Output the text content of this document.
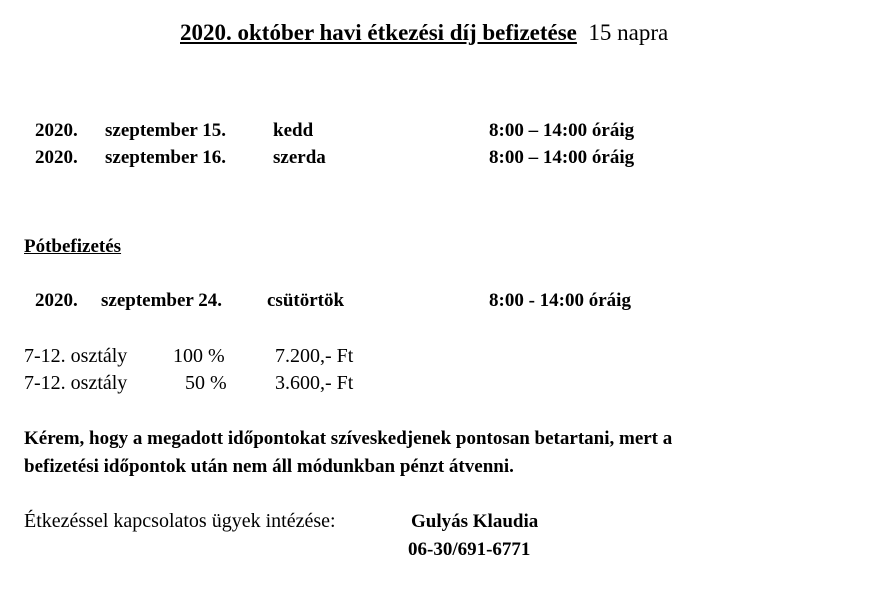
2020. október havi étkezési díj befizetése 15 napra
2020. szeptember 15. kedd	8:00 – 14:00 óráig
2020. szeptember 16. szerda	8:00 – 14:00 óráig
Pótbefizetés
2020. szeptember 24. csütörtök	8:00 - 14:00 óráig
7-12. osztály 100 %	7.200,- Ft
7-12. osztály	50 % 3.600,- Ft
Kérem, hogy a megadott időpontokat szíveskedjenek pontosan betartani, mert a
befizetési időpontok után nem áll módunkban pénzt átvenni.
Étkezéssel kapcsolatos ügyek intézése:	Gulyás Klaudia
06-30/691-6771
